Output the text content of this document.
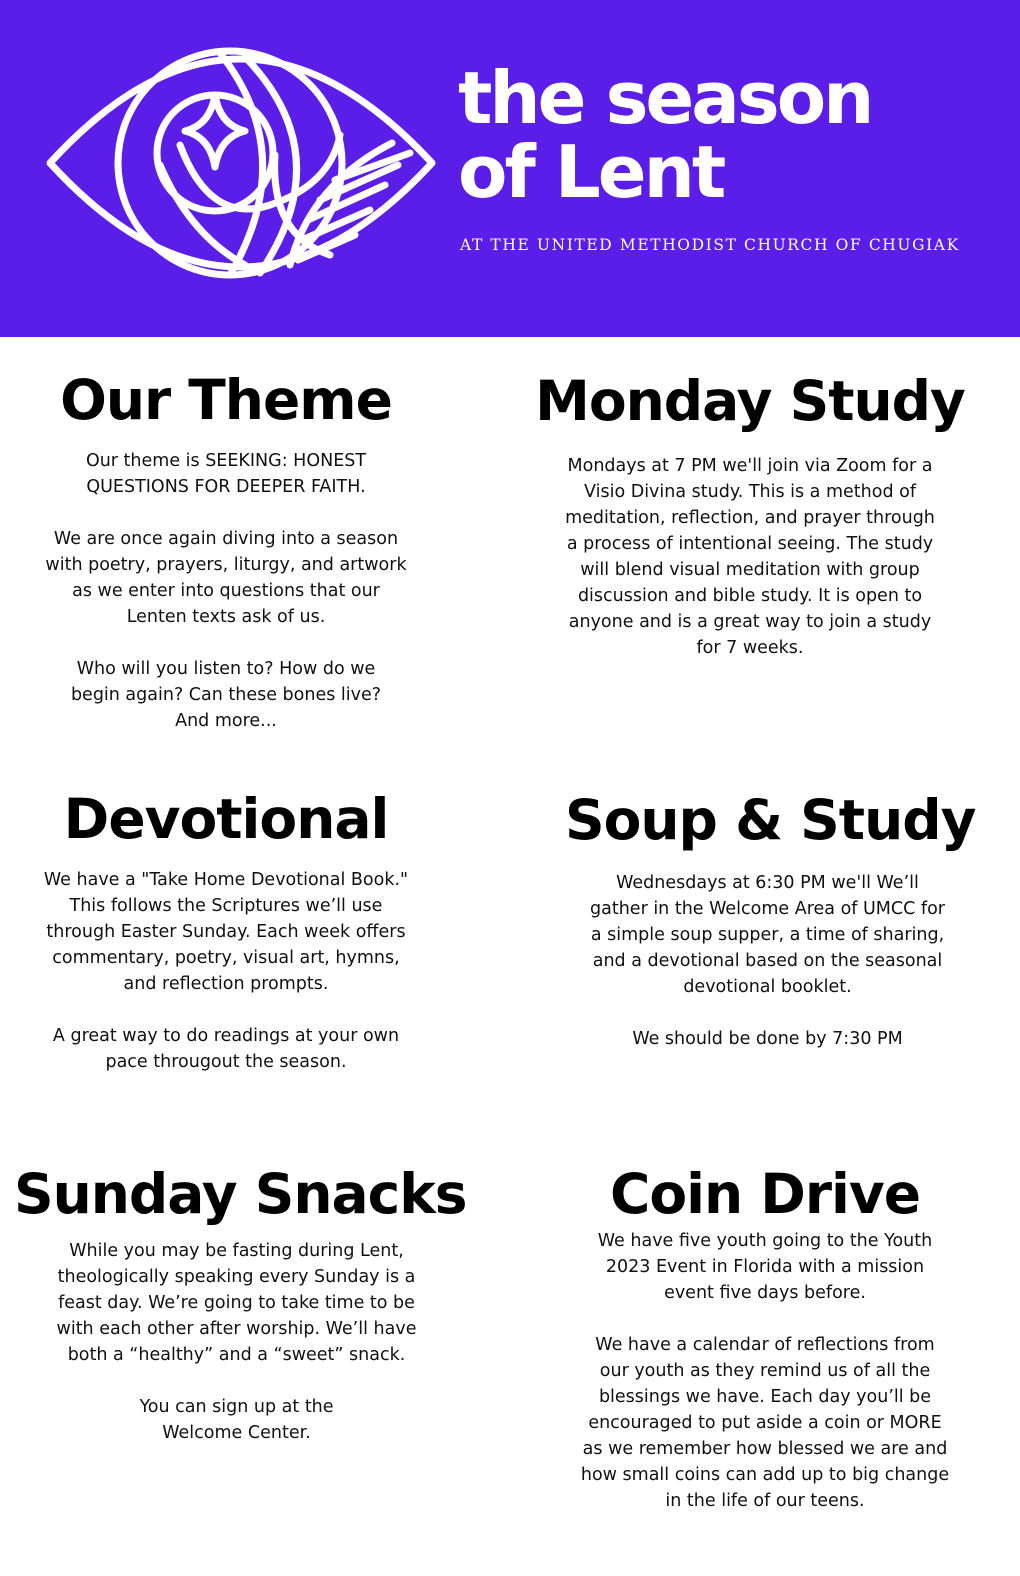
the season
of Lent
AT THE UNITED METHODIST CHURCH OF CHUGIAK
Our Theme

Our theme is SEEKING: HONEST QUESTIONS FOR DEEPER FAITH.

We are once again diving into a season with poetry, prayers, liturgy, and artwork as we enter into questions that our Lenten texts ask of us.

Who will you listen to? How do we begin again? Can these bones live? And more...

Monday Study

Mondays at 7 PM we'll join via Zoom for a Visio Divina study. This is a method of meditation, reflection, and prayer through a process of intentional seeing. The study will blend visual meditation with group discussion and bible study. It is open to anyone and is a great way to join a study for 7 weeks.

Devotional

We have a "Take Home Devotional Book." This follows the Scriptures we’ll use through Easter Sunday. Each week offers commentary, poetry, visual art, hymns, and reflection prompts.

A great way to do readings at your own pace througout the season.

Soup & Study

Wednesdays at 6:30 PM we'll We’ll gather in the Welcome Area of UMCC for a simple soup supper, a time of sharing, and a devotional based on the seasonal devotional booklet.

We should be done by 7:30 PM

Sunday Snacks

While you may be fasting during Lent, theologically speaking every Sunday is a feast day. We’re going to take time to be with each other after worship. We’ll have both a “healthy” and a “sweet” snack.

You can sign up at the Welcome Center.

Coin Drive

We have five youth going to the Youth 2023 Event in Florida with a mission event five days before.

We have a calendar of reflections from our youth as they remind us of all the blessings we have. Each day you’ll be encouraged to put aside a coin or MORE as we remember how blessed we are and how small coins can add up to big change in the life of our teens.
